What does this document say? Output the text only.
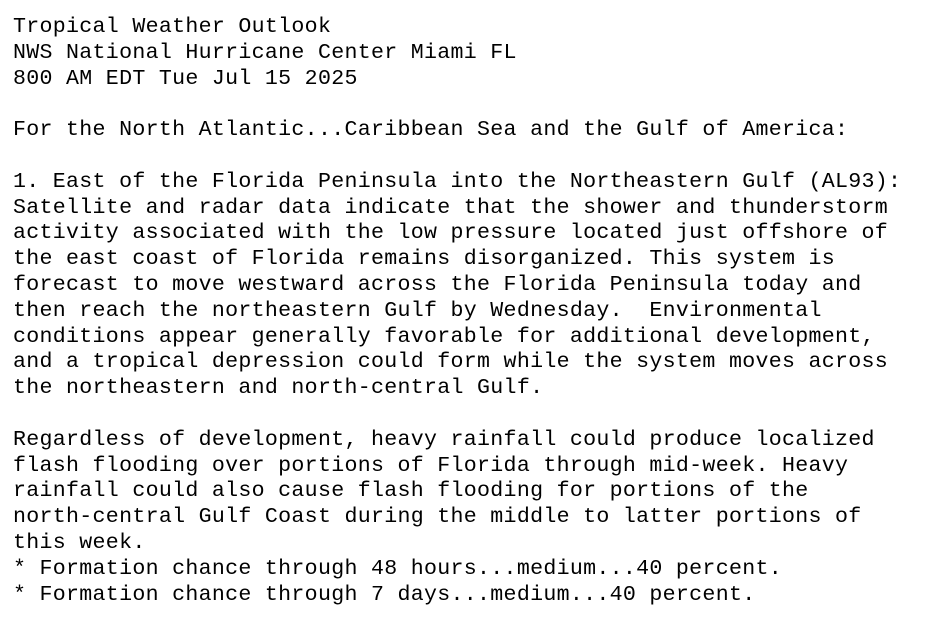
Tropical Weather Outlook
NWS National Hurricane Center Miami FL
800 AM EDT Tue Jul 15 2025
For the North Atlantic...Caribbean Sea and the Gulf of America:
1. East of the Florida Peninsula into the Northeastern Gulf (AL93):
Satellite and radar data indicate that the shower and thunderstorm
activity associated with the low pressure located just offshore of
the east coast of Florida remains disorganized. This system is
forecast to move westward across the Florida Peninsula today and
then reach the northeastern Gulf by Wednesday.  Environmental
conditions appear generally favorable for additional development,
and a tropical depression could form while the system moves across
the northeastern and north-central Gulf.
Regardless of development, heavy rainfall could produce localized
flash flooding over portions of Florida through mid-week. Heavy
rainfall could also cause flash flooding for portions of the
north-central Gulf Coast during the middle to latter portions of
this week.
* Formation chance through 48 hours...medium...40 percent.
* Formation chance through 7 days...medium...40 percent.
